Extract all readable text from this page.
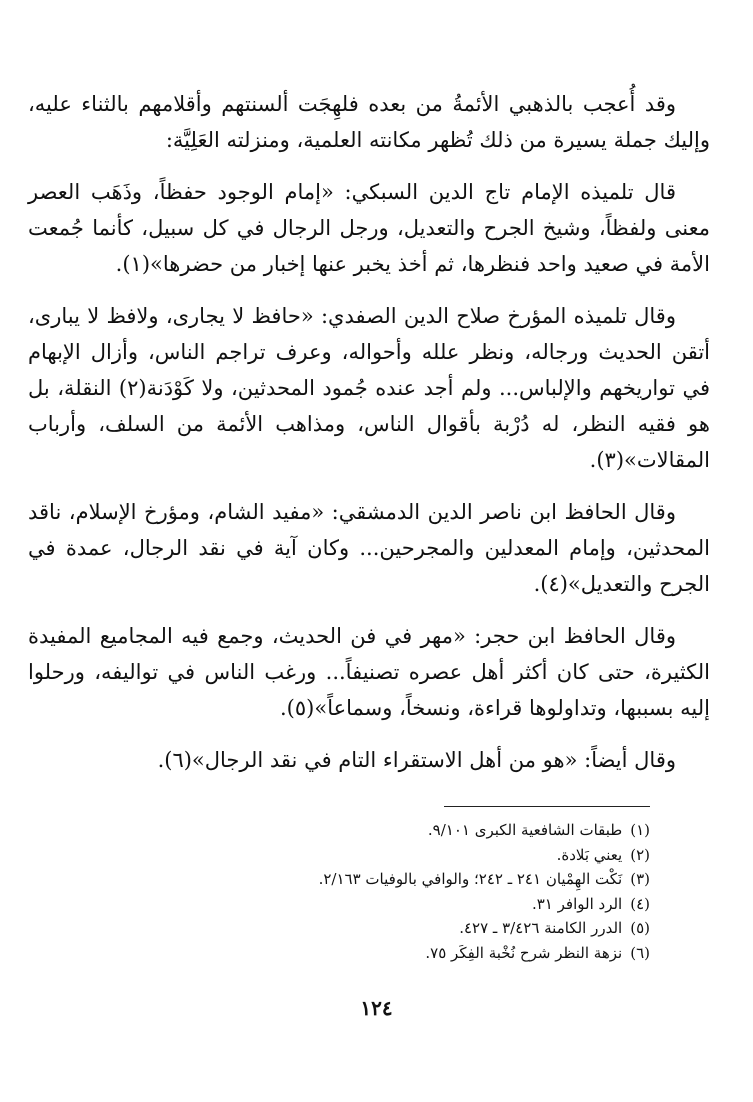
وقد أُعجب بالذهبي الأئمةُ من بعده فلهِجَت ألسنتهم وأقلامهم بالثناء عليه، وإليك جملة يسيرة من ذلك تُظهر مكانته العلمية، ومنزلته العَلِيَّة:

قال تلميذه الإمام تاج الدين السبكي: «إمام الوجود حفظاً، وذَهَب العصر معنى ولفظاً، وشيخ الجرح والتعديل، ورجل الرجال في كل سبيل، كأنما جُمعت الأمة في صعيد واحد فنظرها، ثم أخذ يخبر عنها إخبار من حضرها»(١).

وقال تلميذه المؤرخ صلاح الدين الصفدي: «حافظ لا يجارى، ولافظ لا يبارى، أتقن الحديث ورجاله، ونظر علله وأحواله، وعرف تراجم الناس، وأزال الإبهام في تواريخهم والإلباس... ولم أجد عنده جُمود المحدثين، ولا كَوْدَنة(٢) النقلة، بل هو فقيه النظر، له دُرْبة بأقوال الناس، ومذاهب الأئمة من السلف، وأرباب المقالات»(٣).

وقال الحافظ ابن ناصر الدين الدمشقي: «مفيد الشام، ومؤرخ الإسلام، ناقد المحدثين، وإمام المعدلين والمجرحين... وكان آية في نقد الرجال، عمدة في الجرح والتعديل»(٤).

وقال الحافظ ابن حجر: «مهر في فن الحديث، وجمع فيه المجاميع المفيدة الكثيرة، حتى كان أكثر أهل عصره تصنيفاً... ورغب الناس في تواليفه، ورحلوا إليه بسببها، وتداولوها قراءة، ونسخاً، وسماعاً»(٥).

وقال أيضاً: «هو من أهل الاستقراء التام في نقد الرجال»(٦).

(١)طبقات الشافعية الكبرى ٩/١٠١.
(٢)يعني بَلادة.
(٣)نَكْت الهِمْيان ٢٤١ ـ ٢٤٢؛ والوافي بالوفيات ٢/١٦٣.
(٤)الرد الوافر ٣١.
(٥)الدرر الكامنة ٣/٤٢٦ ـ ٤٢٧.
(٦)نزهة النظر شرح نُخْبة الفِكَر ٧٥.
١٢٤
